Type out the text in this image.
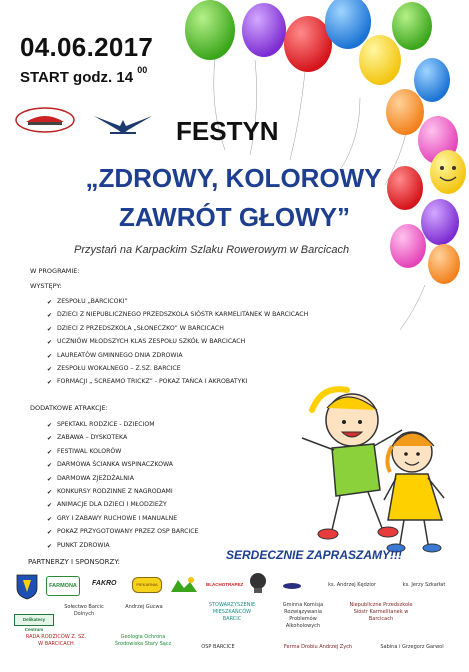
04.06.2017
START godz. 14 $^{00}$
FESTYN
„ZDROWY, KOLOROWY
ZAWRÓT GŁOWY”
Przystań na Karpackim Szlaku Rowerowym w Barcicach
W PROGRAMIE:
WYSTĘPY:
✔ ZESPOŁU „BARCICOKI”
✔ DZIECI Z NIEPUBLICZNEGO PRZEDSZKOLA SIÓSTR KARMELITANEK W BARCICACH
✔ DZIECI Z PRZEDSZKOLA „SŁONECZKO” W BARCICACH
✔ UCZNIÓW MŁODSZYCH KLAS ZESPOŁU SZKÓŁ W BARCICACH
✔ LAUREATÓW GMINNEGO DNIA ZDROWIA
✔ ZESPOŁU WOKALNEGO – Z.SZ. BARCICE
✔ FORMACJI „ SCREAMO TRICKZ” - POKAZ TAŃCA I AKROBATYKI
DODATKOWE ATRAKCJE:
✔ SPEKTAKL RODZICE - DZIECIOM
✔ ZABAWA – DYSKOTEKA
✔ FESTIWAL KOLORÓW
✔ DARMOWA ŚCIANKA WSPINACZKOWA
✔ DARMOWA ZJEŻDŻALNIA
✔ KONKURSY RODZINNE Z NAGRODAMI
✔ ANIMACJE DLA DZIECI I MŁODZIEŻY
✔ GRY I ZABAWY RUCHOWE I MANUALNE
✔ POKAZ PRZYGOTOWANY PRZEZ OSP BARCICE
✔ PUNKT ZDROWIA
SERDECZNIE ZAPRASZAMY!!!
PARTNERZY I SPONSORZY:
FARMONA	FAKRO	PIEKARNIA	BLACHOTRAPEZ	ks. Andrzej Kędzior	ks. Jerzy Szkarłat
Sołectwo Barcic Dolnych
Andrzej Gucwa	STOWARZYSZENIE MIESZKAŃCÓW BARCIC
Gminna Komisja Rozwiązywania Problemów Alkoholowych
Niepubliczne Przedszkole Sióstr Karmelitanek w Barcicach
Delikatesy Centrum
RADA RODZICÓW Z. SZ. W BARCICACH
Geologia Ochrona Środowiska Stary Sącz	OSP BARCICE	Ferma Drobiu Andrzej Zych	Sabina i Grzegorz Garwol
